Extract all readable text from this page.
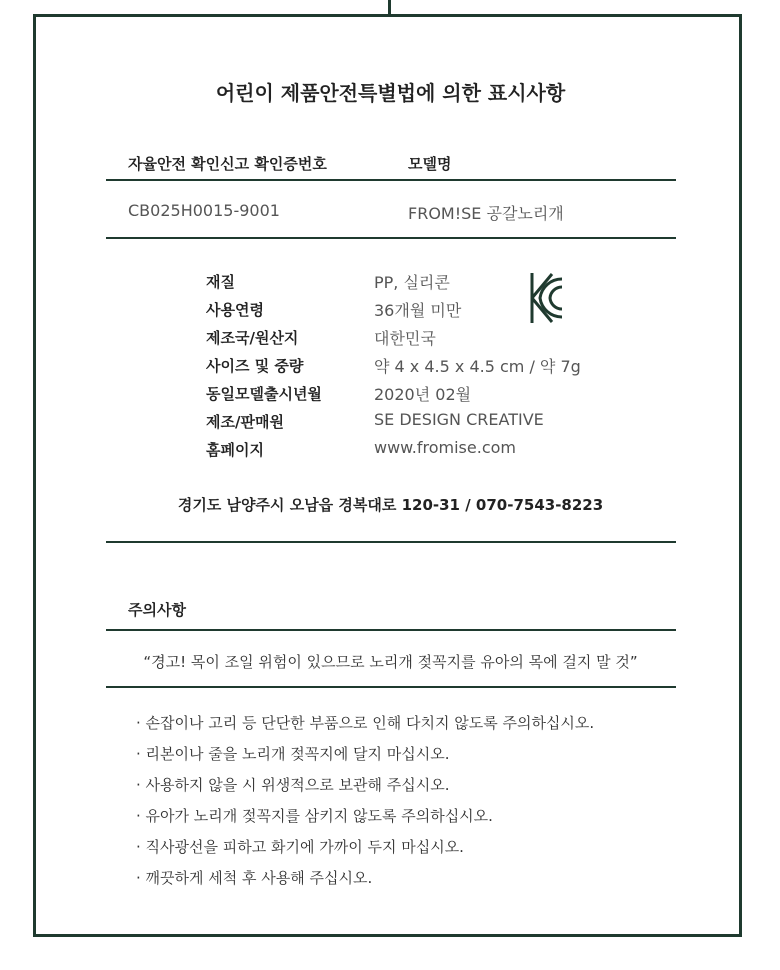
어린이 제품안전특별법에 의한 표시사항
자율안전 확인신고 확인증번호	모델명
CB025H0015-9001	FROM!SE 공갈노리개
재질	PP, 실리콘
사용연령	36개월 미만
제조국/원산지	대한민국
사이즈 및 중량	약 4 x 4.5 x 4.5 cm / 약 7g
동일모델출시년월	2020년 02월
제조/판매원	SE DESIGN CREATIVE
홈페이지	www.fromise.com
경기도 남양주시 오남읍 경복대로 120-31 / 070-7543-8223
주의사항
“경고! 목이 조일 위험이 있으므로 노리개 젖꼭지를 유아의 목에 걸지 말 것”
· 손잡이나 고리 등 단단한 부품으로 인해 다치지 않도록 주의하십시오.
· 리본이나 줄을 노리개 젖꼭지에 달지 마십시오.
· 사용하지 않을 시 위생적으로 보관해 주십시오.
· 유아가 노리개 젖꼭지를 삼키지 않도록 주의하십시오.
· 직사광선을 피하고 화기에 가까이 두지 마십시오.
· 깨끗하게 세척 후 사용해 주십시오.
